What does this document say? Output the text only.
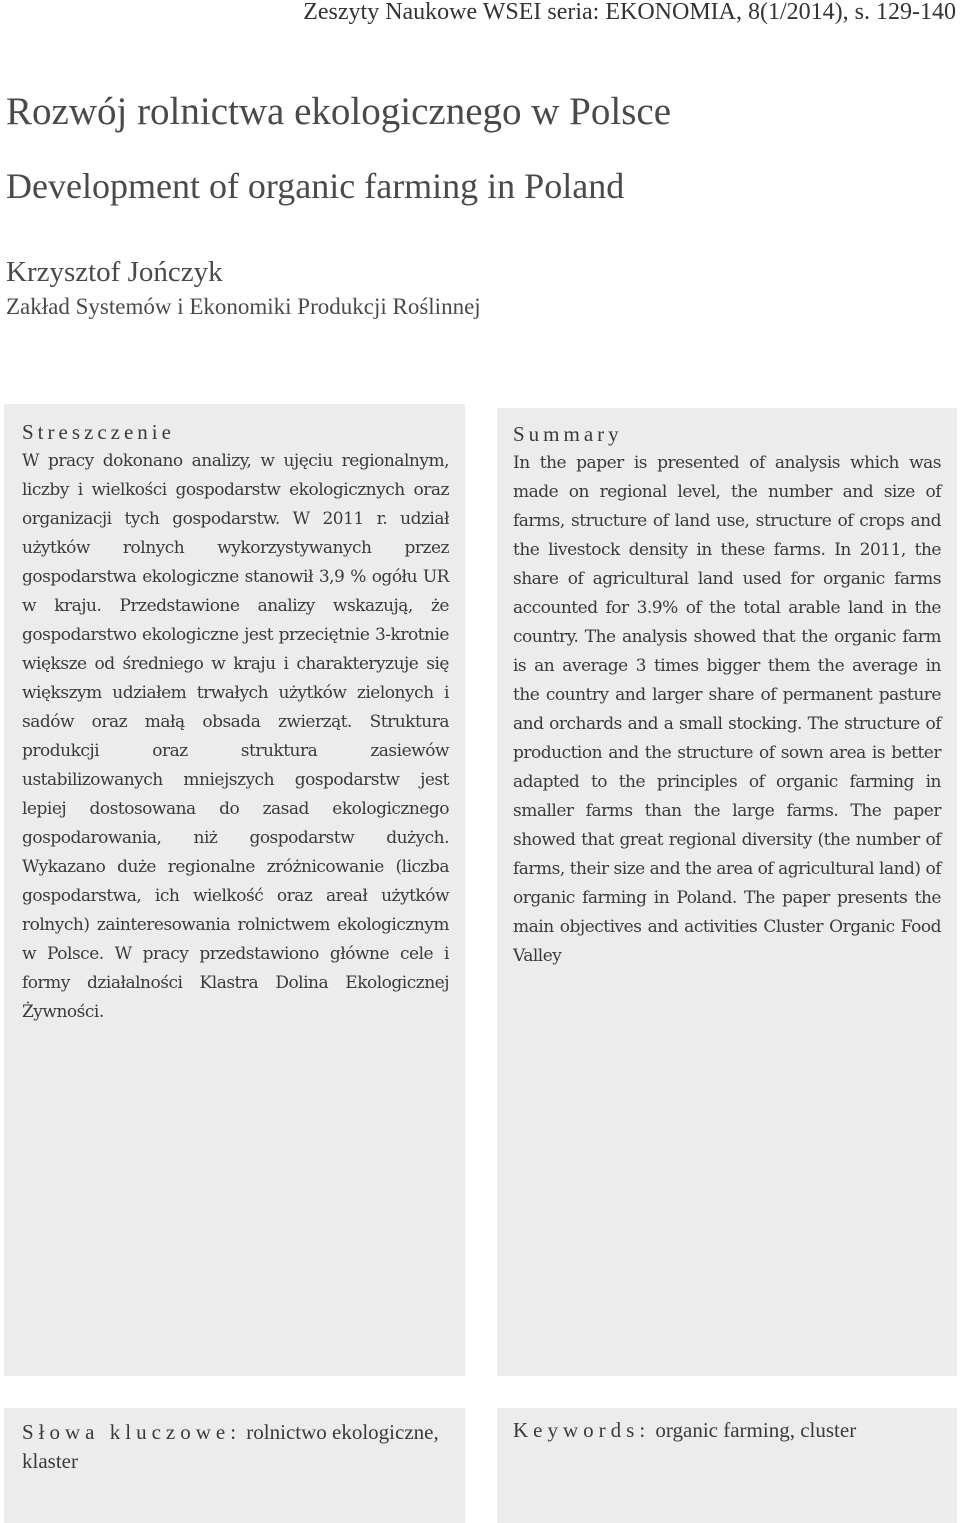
Zeszyty Naukowe WSEI seria: EKONOMIA, 8(1/2014), s. 129-140
Rozwój rolnictwa ekologicznego w Polsce
Development of organic farming in Poland
Krzysztof Jończyk
Zakład Systemów i Ekonomiki Produkcji Roślinnej
Streszczenie

W pracy dokonano analizy, w ujęciu regionalnym, liczby i wielkości gospodarstw ekologicznych oraz organizacji tych gospodarstw. W 2011 r. udział użytków rolnych wykorzystywanych przez gospodarstwa ekologiczne stanowił 3,9 % ogółu UR w kraju. Przedstawione analizy wskazują, że gospodarstwo ekologiczne jest przeciętnie 3-krotnie większe od średniego w kraju i charakteryzuje się większym udziałem trwałych użytków zielonych i sadów oraz małą obsada zwierząt. Struktura produkcji oraz struktura zasiewów ustabilizowanych mniejszych gospodarstw jest lepiej dostosowana do zasad ekologicznego gospodarowania, niż gospodarstw dużych. Wykazano duże regionalne zróżnicowanie (liczba gospodarstwa, ich wielkość oraz areał użytków rolnych) zainteresowania rolnictwem ekologicznym w Polsce. W pracy przedstawiono główne cele i formy działalności Klastra Dolina Ekologicznej Żywności.

Summary

In the paper is presented of analysis which was made on regional level, the number and size of farms, structure of land use, structure of crops and the livestock density in these farms. In 2011, the share of agricultural land used for organic farms accounted for 3.9% of the total arable land in the country. The analysis showed that the organic farm is an average 3 times bigger them the average in the country and larger share of permanent pasture and orchards and a small stocking. The structure of production and the structure of sown area is better adapted to the principles of organic farming in smaller farms than the large farms. The paper showed that great regional diversity (the number of farms, their size and the area of agricultural land) of organic farming in Poland. The paper presents the main objectives and activities Cluster Organic Food Valley

Słowa kluczowe: rolnictwo ekologiczne, klaster
Keywords: organic farming, cluster
